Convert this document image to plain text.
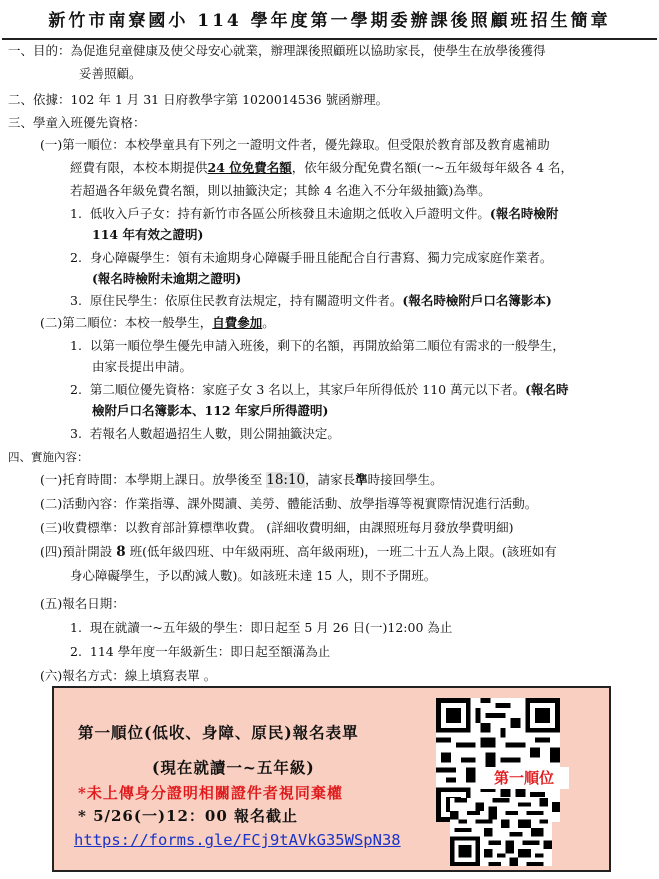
新竹市南寮國小 114 學年度第一學期委辦課後照顧班招生簡章
一、目的：為促進兒童健康及使父母安心就業，辦理課後照顧班以協助家長，使學生在放學後獲得
妥善照顧。
二、依據：102 年 1 月 31 日府教學字第 1020014536 號函辦理。
三、學童入班優先資格：
(一)第一順位：本校學童具有下列之一證明文件者，優先錄取。但受限於教育部及教育處補助
經費有限，本校本期提供24 位免費名額，依年級分配免費名額(一~五年級每年級各 4 名，
若超過各年級免費名額，則以抽籤決定；其餘 4 名進入不分年級抽籤)為準。
1. 低收入戶子女：持有新竹市各區公所核發且未逾期之低收入戶證明文件。(報名時檢附
114 年有效之證明)
2. 身心障礙學生：領有未逾期身心障礙手冊且能配合自行書寫、獨力完成家庭作業者。
(報名時檢附未逾期之證明)
3. 原住民學生：依原住民教育法規定，持有關證明文件者。(報名時檢附戶口名簿影本)
(二)第二順位：本校一般學生，自費參加。
1. 以第一順位學生優先申請入班後，剩下的名額，再開放給第二順位有需求的一般學生，
由家長提出申請。
2. 第二順位優先資格：家庭子女 3 名以上，其家戶年所得低於 110 萬元以下者。(報名時
檢附戶口名簿影本、112 年家戶所得證明)
3. 若報名人數超過招生人數，則公開抽籤決定。
四、實施內容：
(一)托育時間：本學期上課日。放學後至 18:10，請家長準時接回學生。
(二)活動內容：作業指導、課外閱讀、美勞、體能活動、放學指導等視實際情況進行活動。
(三)收費標準：以教育部計算標準收費。 (詳細收費明細，由課照班每月發放學費明細)
(四)預計開設 8 班(低年級四班、中年級兩班、高年級兩班)，一班二十五人為上限。(該班如有
身心障礙學生，予以酌減人數)。如該班未達 15 人，則不予開班。
(五)報名日期：
1. 現在就讀一~五年級的學生：即日起至 5 月 26 日(一)12:00 為止
2. 114 學年度一年級新生：即日起至額滿為止
(六)報名方式：線上填寫表單 。
第一順位(低收、身障、原民)報名表單
(現在就讀一~五年級)
*未上傳身分證明相關證件者視同棄權
* 5/26(一)12：00 報名截止
https://forms.gle/FCj9tAVkG35WSpN38
第一順位
